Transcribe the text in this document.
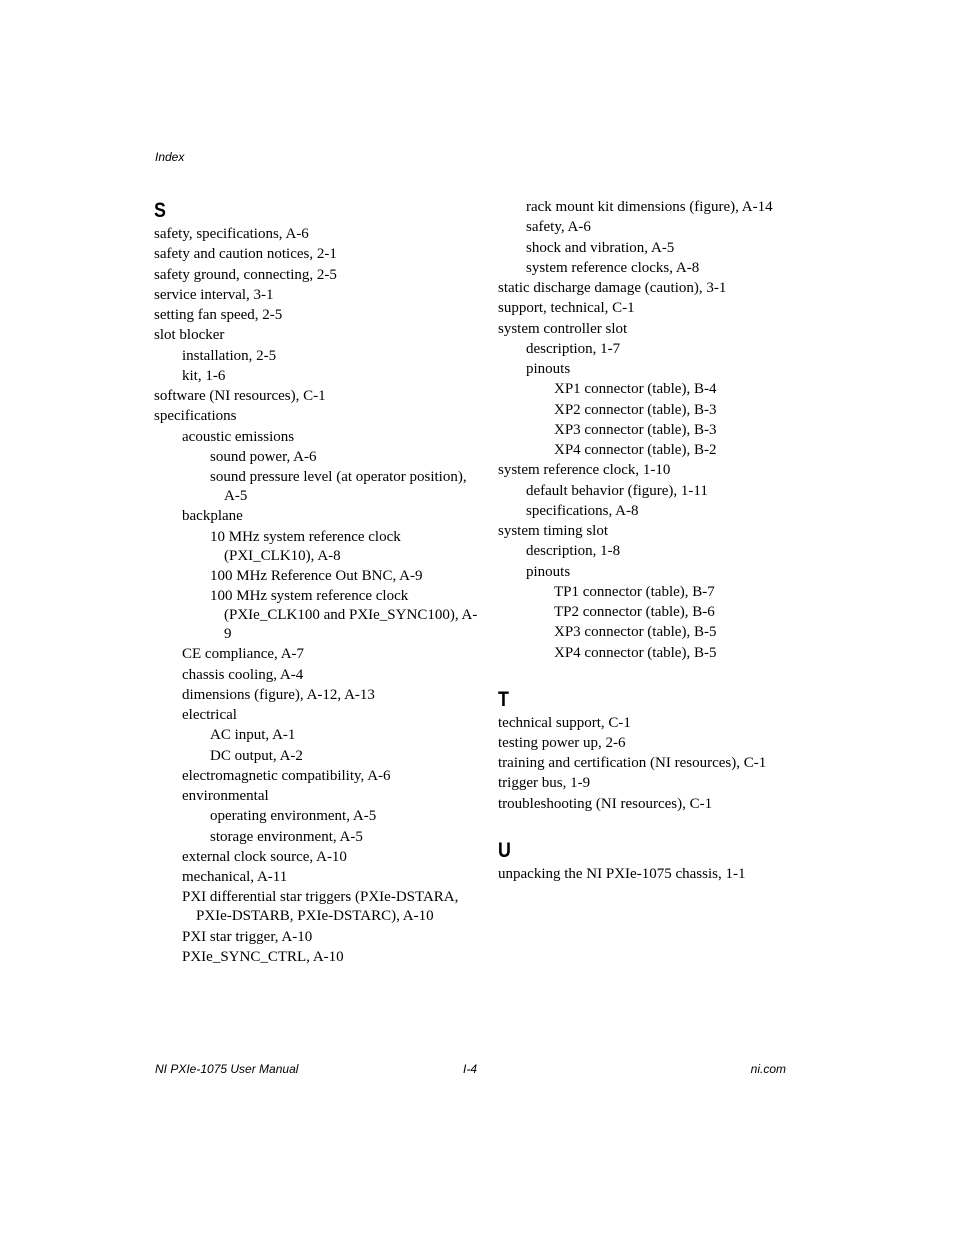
Index
S
safety, specifications, A-6
safety and caution notices, 2-1
safety ground, connecting, 2-5
service interval, 3-1
setting fan speed, 2-5
slot blocker
installation, 2-5
kit, 1-6
software (NI resources), C-1
specifications
acoustic emissions
sound power, A-6
sound pressure level (at operator position), A-5
backplane
10 MHz system reference clock (PXI_CLK10), A-8
100 MHz Reference Out BNC, A-9
100 MHz system reference clock (PXIe_CLK100 and PXIe_SYNC100), A-9
CE compliance, A-7
chassis cooling, A-4
dimensions (figure), A-12, A-13
electrical
AC input, A-1
DC output, A-2
electromagnetic compatibility, A-6
environmental
operating environment, A-5
storage environment, A-5
external clock source, A-10
mechanical, A-11
PXI differential star triggers (PXIe-DSTARA, PXIe-DSTARB, PXIe-DSTARC), A-10
PXI star trigger, A-10
PXIe_SYNC_CTRL, A-10
rack mount kit dimensions (figure), A-14
safety, A-6
shock and vibration, A-5
system reference clocks, A-8
static discharge damage (caution), 3-1
support, technical, C-1
system controller slot
description, 1-7
pinouts
XP1 connector (table), B-4
XP2 connector (table), B-3
XP3 connector (table), B-3
XP4 connector (table), B-2
system reference clock, 1-10
default behavior (figure), 1-11
specifications, A-8
system timing slot
description, 1-8
pinouts
TP1 connector (table), B-7
TP2 connector (table), B-6
XP3 connector (table), B-5
XP4 connector (table), B-5
T
technical support, C-1
testing power up, 2-6
training and certification (NI resources), C-1
trigger bus, 1-9
troubleshooting (NI resources), C-1
U
unpacking the NI PXIe-1075 chassis, 1-1
NI PXIe-1075 User Manual	I-4	ni.com
